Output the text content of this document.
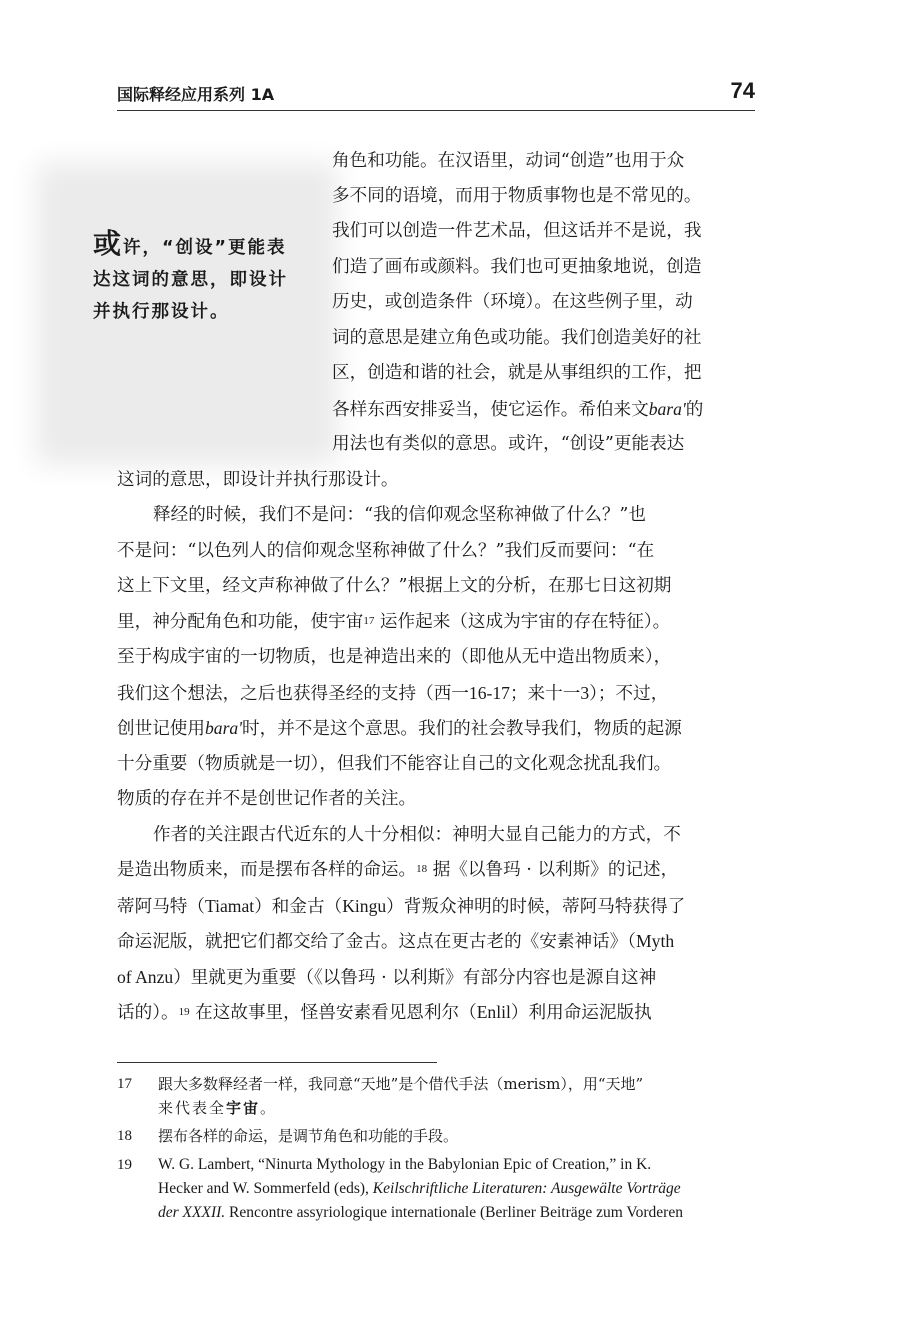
国际释经应用系列 1A	74
或许，“创设”更能表达这词的意思，即设计并执行那设计。
角色和功能。在汉语里，动词“创造”也用于众
多不同的语境，而用于物质事物也是不常见的。
我们可以创造一件艺术品，但这话并不是说，我
们造了画布或颜料。我们也可更抽象地说，创造
历史，或创造条件（环境）。在这些例子里，动
词的意思是建立角色或功能。我们创造美好的社
区，创造和谐的社会，就是从事组织的工作，把
各样东西安排妥当，使它运作。希伯来文bara'的
用法也有类似的意思。或许，“创设”更能表达
这词的意思，即设计并执行那设计。
释经的时候，我们不是问：“我的信仰观念坚称神做了什么？”也
不是问：“以色列人的信仰观念坚称神做了什么？”我们反而要问：“在
这上下文里，经文声称神做了什么？”根据上文的分析，在那七日这初期
里，神分配角色和功能，使宇宙$^{17}$ 运作起来（这成为宇宙的存在特征）。
至于构成宇宙的一切物质，也是神造出来的（即他从无中造出物质来），
我们这个想法，之后也获得圣经的支持（西一16-17；来十一3）；不过，
创世记使用bara'时，并不是这个意思。我们的社会教导我们，物质的起源
十分重要（物质就是一切），但我们不能容让自己的文化观念扰乱我们。
物质的存在并不是创世记作者的关注。
作者的关注跟古代近东的人十分相似：神明大显自己能力的方式，不
是造出物质来，而是摆布各样的命运。$^{18}$ 据《以鲁玛 · 以利斯》的记述，
蒂阿马特（Tiamat）和金古（Kingu）背叛众神明的时候，蒂阿马特获得了
命运泥版，就把它们都交给了金古。这点在更古老的《安素神话》（Myth
of Anzu）里就更为重要（《以鲁玛 · 以利斯》有部分内容也是源自这神
话的）。$^{19}$ 在这故事里，怪兽安素看见恩利尔（Enlil）利用命运泥版执
17 跟大多数释经者一样，我同意“天地”是个借代手法（merism），用“天地”
来代表全宇宙。
18 摆布各样的命运，是调节角色和功能的手段。
19 W. G. Lambert, “Ninurta Mythology in the Babylonian Epic of Creation,” in K.
Hecker and W. Sommerfeld (eds), Keilschriftliche Literaturen: Ausgewälte Vorträge
der XXXII. Rencontre assyriologique internationale (Berliner Beiträge zum Vorderen
